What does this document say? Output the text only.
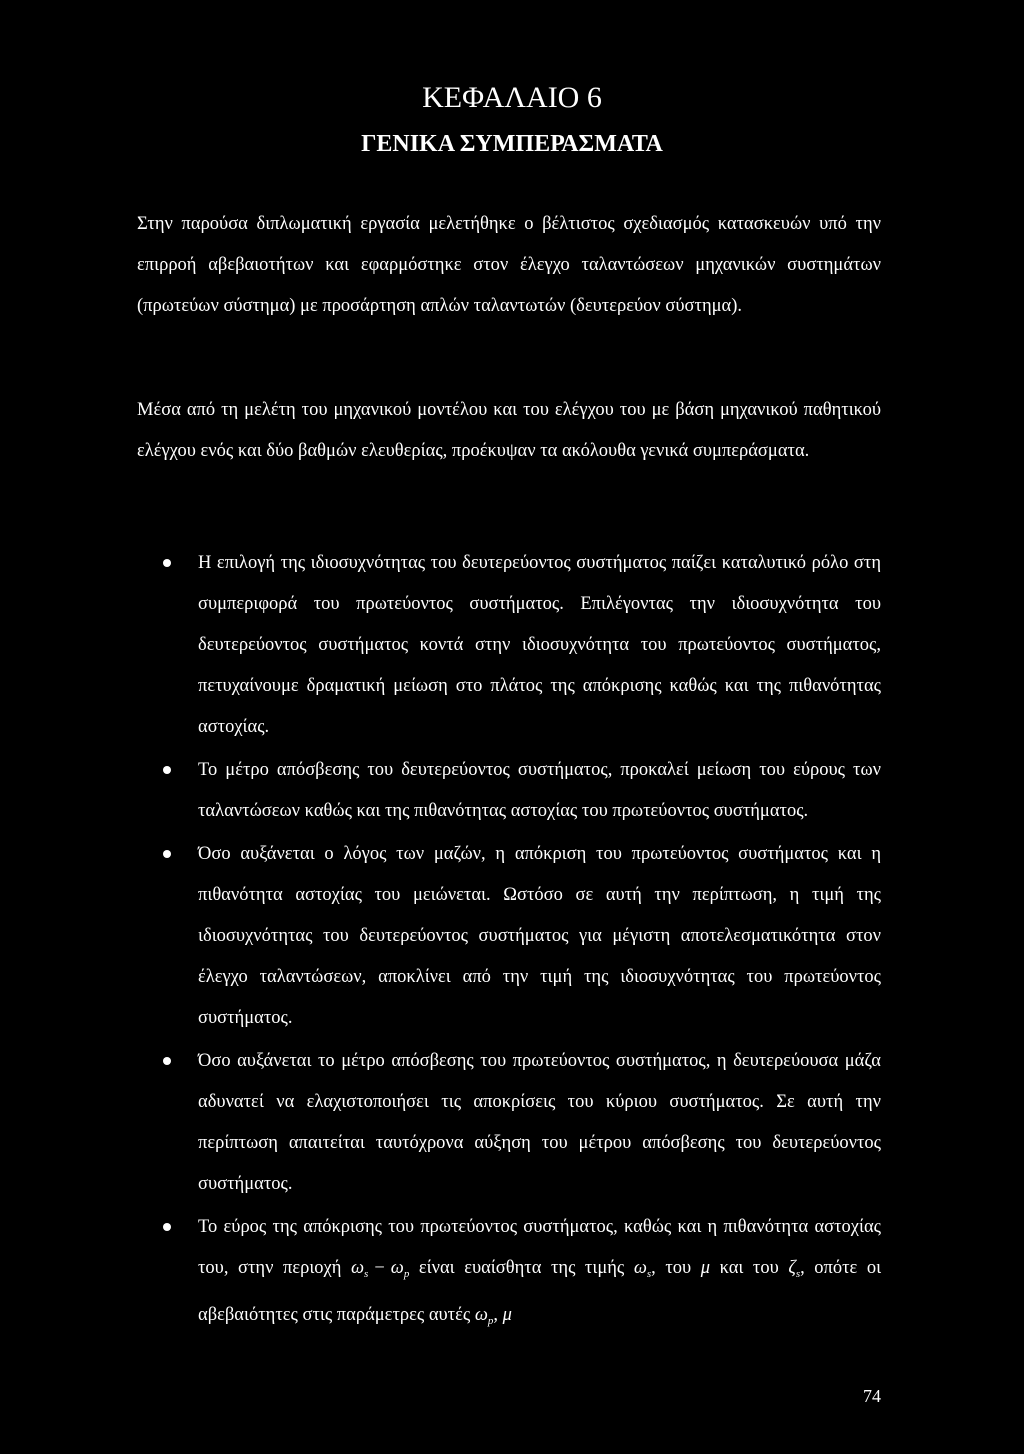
ΚΕΦΑΛΑΙΟ 6
ΓΕΝΙΚΑ ΣΥΜΠΕΡΑΣΜΑΤΑ

Στην παρούσα διπλωματική εργασία μελετήθηκε ο βέλτιστος σχεδιασμός κατασκευών υπό την επιρροή αβεβαιοτήτων και εφαρμόστηκε στον έλεγχο ταλαντώσεων μηχανικών συστημάτων (πρωτεύων σύστημα) με προσάρτηση απλών ταλαντωτών (δευτερεύον σύστημα).

Μέσα από τη μελέτη του μηχανικού μοντέλου και του ελέγχου του με βάση μηχανικού παθητικού ελέγχου ενός και δύο βαθμών ελευθερίας, προέκυψαν τα ακόλουθα γενικά συμπεράσματα.

Η επιλογή της ιδιοσυχνότητας του δευτερεύοντος συστήματος παίζει καταλυτικό ρόλο στη συμπεριφορά του πρωτεύοντος συστήματος. Επιλέγοντας την ιδιοσυχνότητα του δευτερεύοντος συστήματος κοντά στην ιδιοσυχνότητα του πρωτεύοντος συστήματος, πετυχαίνουμε δραματική μείωση στο πλάτος της απόκρισης καθώς και της πιθανότητας αστοχίας.
Το μέτρο απόσβεσης του δευτερεύοντος συστήματος, προκαλεί μείωση του εύρους των ταλαντώσεων καθώς και της πιθανότητας αστοχίας του πρωτεύοντος συστήματος.
Όσο αυξάνεται ο λόγος των μαζών, η απόκριση του πρωτεύοντος συστήματος και η πιθανότητα αστοχίας του μειώνεται. Ωστόσο σε αυτή την περίπτωση, η τιμή της ιδιοσυχνότητας του δευτερεύοντος συστήματος για μέγιστη αποτελεσματικότητα στον έλεγχο ταλαντώσεων, αποκλίνει από την τιμή της ιδιοσυχνότητας του πρωτεύοντος συστήματος.
Όσο αυξάνεται το μέτρο απόσβεσης του πρωτεύοντος συστήματος, η δευτερεύουσα μάζα αδυνατεί να ελαχιστοποιήσει τις αποκρίσεις του κύριου συστήματος. Σε αυτή την περίπτωση απαιτείται ταυτόχρονα αύξηση του μέτρου απόσβεσης του δευτερεύοντος συστήματος.
Το εύρος της απόκρισης του πρωτεύοντος συστήματος, καθώς και η πιθανότητα αστοχίας του, στην περιοχή $\omega_s - \omega_p$ είναι ευαίσθητα της τιμής $\omega_s$, του μ και του $\zeta_s$, οπότε οι αβεβαιότητες στις παράμετρες αυτές $\omega_p$, μ

74
